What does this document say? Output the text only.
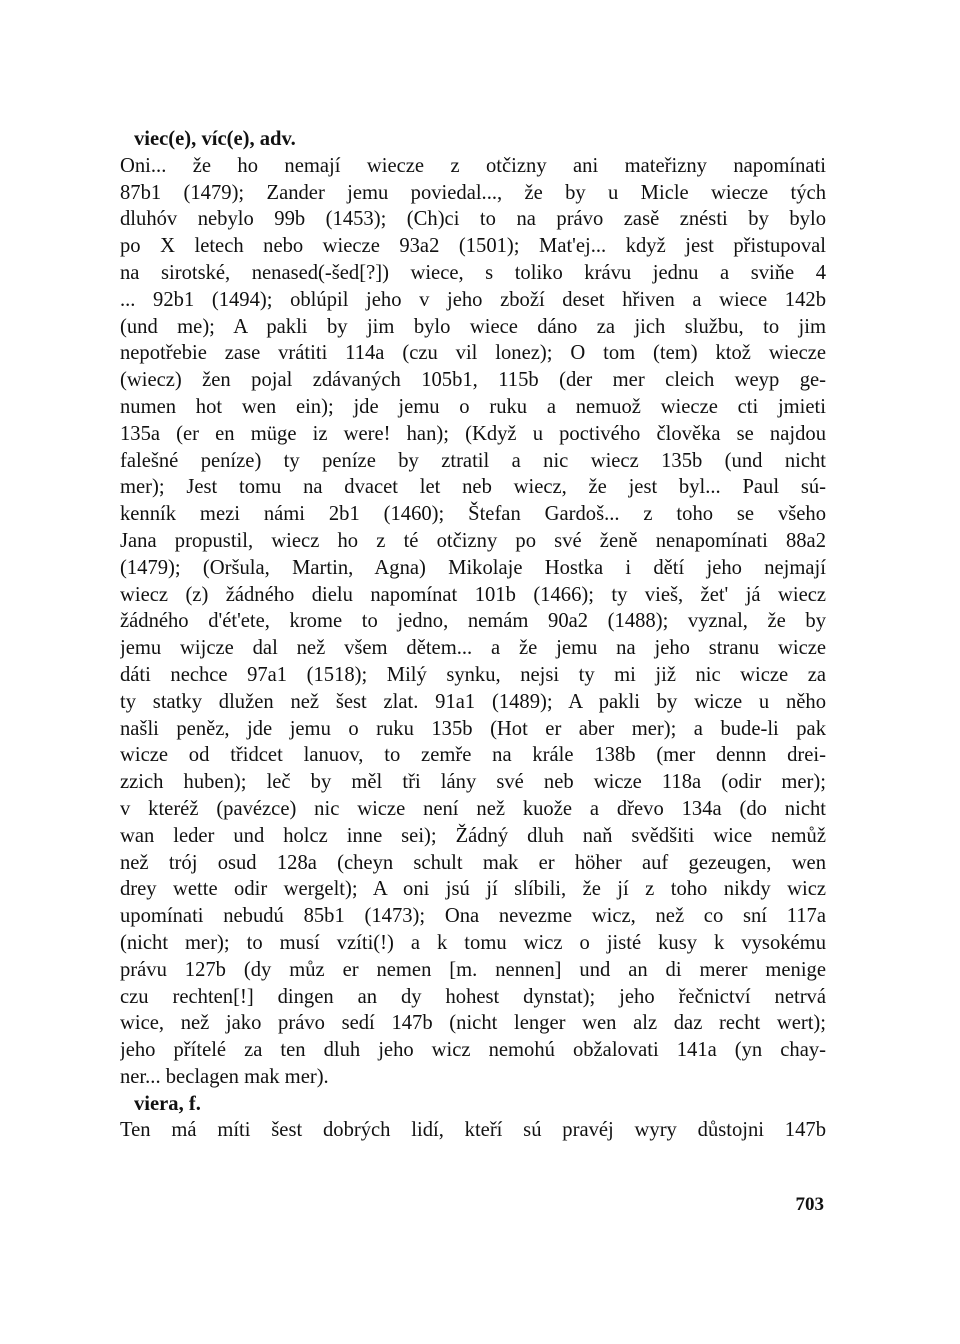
viec(e), víc(e), adv.
Oni... že ho nemají wiecze z otčizny ani mateřizny napomínati
87b1 (1479); Zander jemu poviedal..., že by u Micle wiecze tých
dluhóv nebylo 99b (1453); (Ch)ci to na právo zasě znésti by bylo
po X letech nebo wiecze 93a2 (1501); Mat'ej... když jest přistupoval
na sirotské, nenased(-šed[?]) wiece, s toliko krávu jednu a sviňe 4
... 92b1 (1494); oblúpil jeho v jeho zboží deset hřiven a wiece 142b
(und me); A pakli by jim bylo wiece dáno za jich službu, to jim
nepotřebie zase vrátiti 114a (czu vil lonez); O tom (tem) ktož wiecze
(wiecz) žen pojal zdávaných 105b1, 115b (der mer cleich weyp ge-
numen hot wen ein); jde jemu o ruku a nemuož wiecze cti jmieti
135a (er en müge iz were! han); (Když u poctivého člověka se najdou
falešné peníze) ty peníze by ztratil a nic wiecz 135b (und nicht
mer); Jest tomu na dvacet let neb wiecz, že jest byl... Paul sú-
kenník mezi námi 2b1 (1460); Štefan Gardoš... z toho se všeho
Jana propustil, wiecz ho z té otčizny po své ženě nenapomínati 88a2
(1479); (Oršula, Martin, Agna) Mikolaje Hostka i dětí jeho nejmají
wiecz (z) žádného dielu napomínat 101b (1466); ty vieš, žet' já wiecz
žádného d'ét'ete, krome to jedno, nemám 90a2 (1488); vyznal, že by
jemu wijcze dal než všem dětem... a že jemu na jeho stranu wicze
dáti nechce 97a1 (1518); Milý synku, nejsi ty mi již nic wicze za
ty statky dlužen než šest zlat. 91a1 (1489); A pakli by wicze u něho
našli peněz, jde jemu o ruku 135b (Hot er aber mer); a bude-li pak
wicze od třidcet lanuov, to zemře na krále 138b (mer dennn drei-
zzich huben); leč by měl tři lány své neb wicze 118a (odir mer);
v kteréž (pavézce) nic wicze není než kuože a dřevo 134a (do nicht
wan leder und holcz inne sei); Žádný dluh naň svědšiti wice nemůž
než trój osud 128a (cheyn schult mak er höher auf gezeugen, wen
drey wette odir wergelt); A oni jsú jí slíbili, že jí z toho nikdy wicz
upomínati nebudú 85b1 (1473); Ona nevezme wicz, než co sní 117a
(nicht mer); to musí vzíti(!) a k tomu wicz o jisté kusy k vysokému
právu 127b (dy můz er nemen [m. nennen] und an di merer menige
czu rechten[!] dingen an dy hohest dynstat); jeho řečnictví netrvá
wice, než jako právo sedí 147b (nicht lenger wen alz daz recht wert);
jeho přítelé za ten dluh jeho wicz nemohú obžalovati 141a (yn chay-
ner... beclagen mak mer).
viera, f.
Ten má míti šest dobrých lidí, kteří sú pravéj wyry důstojni 147b
703
